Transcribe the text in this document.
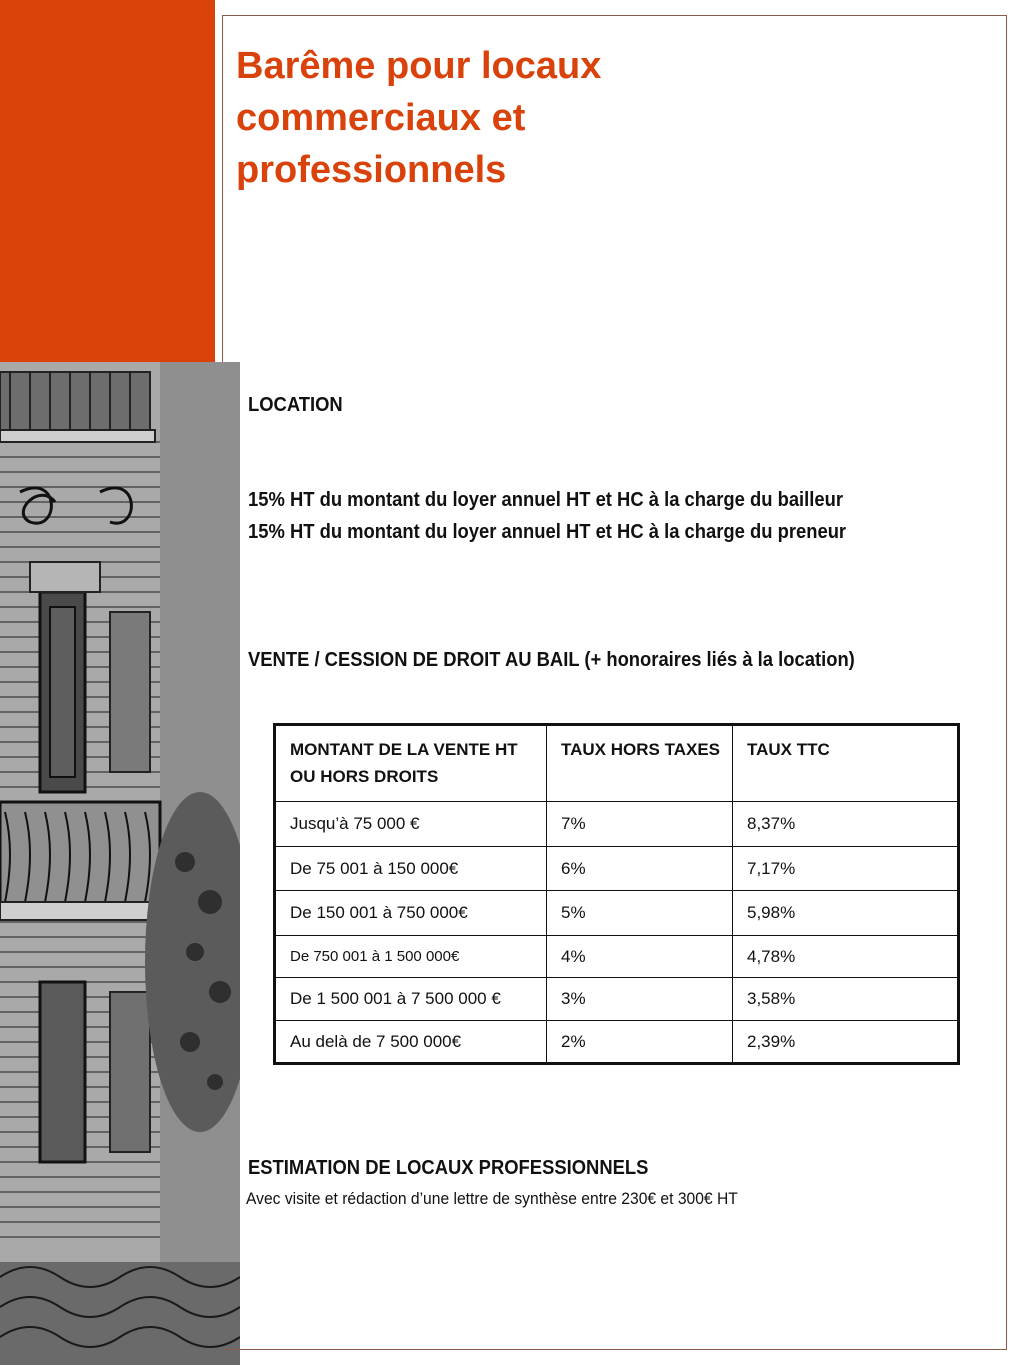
Barême pour locaux
commerciaux et
professionnels
LOCATION
15% HT du montant du loyer annuel HT et HC à la charge du bailleur
15% HT du montant du loyer annuel HT et HC à la charge du preneur
VENTE / CESSION DE DROIT AU BAIL (+ honoraires liés à la location)
MONTANT DE LA VENTE HT OU HORS DROITS	TAUX HORS TAXES	TAUX TTC
Jusqu’à 75 000 €	7%	8,37%
De 75 001 à 150 000€	6%	7,17%
De 150 001 à 750 000€	5%	5,98%
De 750 001 à 1 500 000€	4%	4,78%
De 1 500 001 à 7 500 000 €	3%	3,58%
Au delà de 7 500 000€	2%	2,39%
ESTIMATION DE LOCAUX PROFESSIONNELS
Avec visite et rédaction d’une lettre de synthèse entre 230€ et 300€ HT
